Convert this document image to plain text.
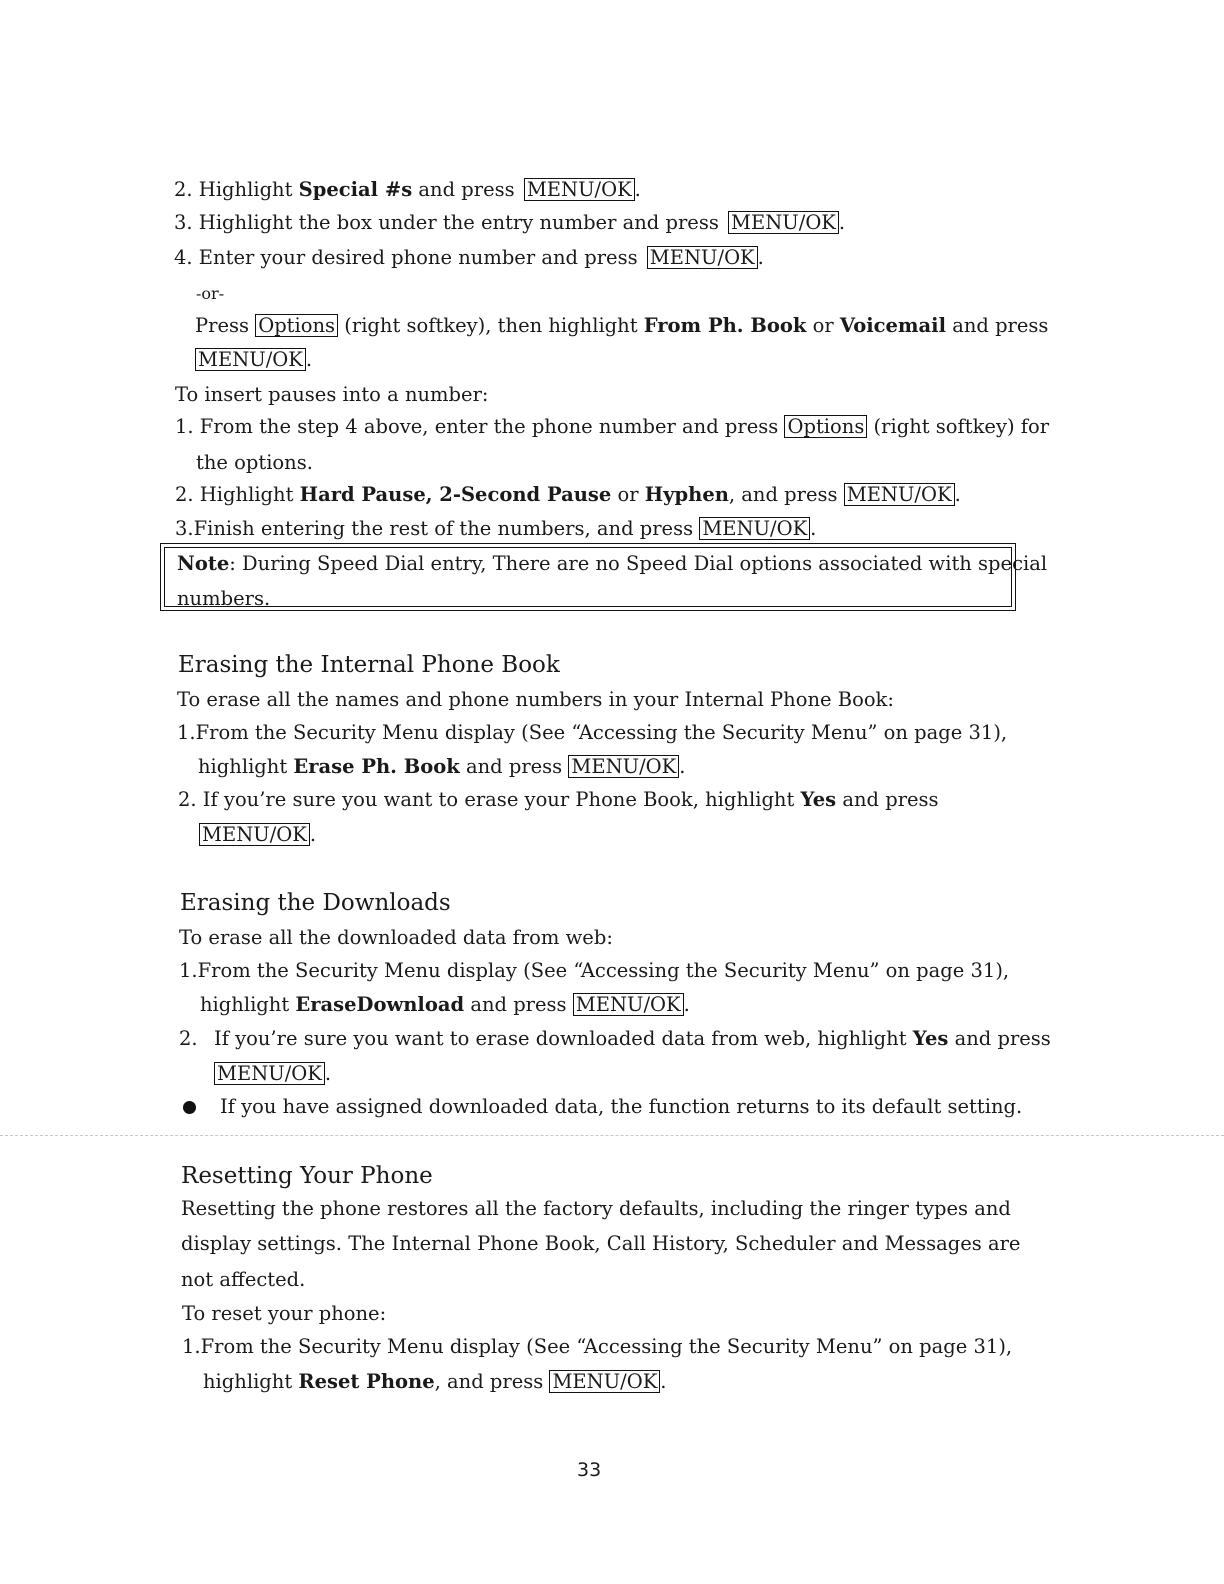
2. Highlight Special #s and press MENU/OK .
3. Highlight the box under the entry number and press MENU/OK .
4. Enter your desired phone number and press MENU/OK .
-or-
Press Options (right softkey), then highlight From Ph. Book or Voicemail and press
MENU/OK .
To insert pauses into a number:
1. From the step 4 above, enter the phone number and press Options (right softkey) for
the options.
2. Highlight Hard Pause, 2-Second Pause or Hyphen, and press MENU/OK .
3.Finish entering the rest of the numbers, and press MENU/OK .
Note: During Speed Dial entry, There are no Speed Dial options associated with special
numbers.
Erasing the Internal Phone Book
To erase all the names and phone numbers in your Internal Phone Book:
1.From the Security Menu display (See “Accessing the Security Menu” on page 31),
highlight Erase Ph. Book and press MENU/OK .
2. If you’re sure you want to erase your Phone Book, highlight Yes and press
MENU/OK .
Erasing the Downloads
To erase all the downloaded data from web:
1.From the Security Menu display (See “Accessing the Security Menu” on page 31),
highlight EraseDownload and press MENU/OK .
2. If you’re sure you want to erase downloaded data from web, highlight Yes and press
MENU/OK .
If you have assigned downloaded data, the function returns to its default setting.
Resetting Your Phone
Resetting the phone restores all the factory defaults, including the ringer types and
display settings. The Internal Phone Book, Call History, Scheduler and Messages are
not affected.
To reset your phone:
1.From the Security Menu display (See “Accessing the Security Menu” on page 31),
highlight Reset Phone, and press MENU/OK .
33
